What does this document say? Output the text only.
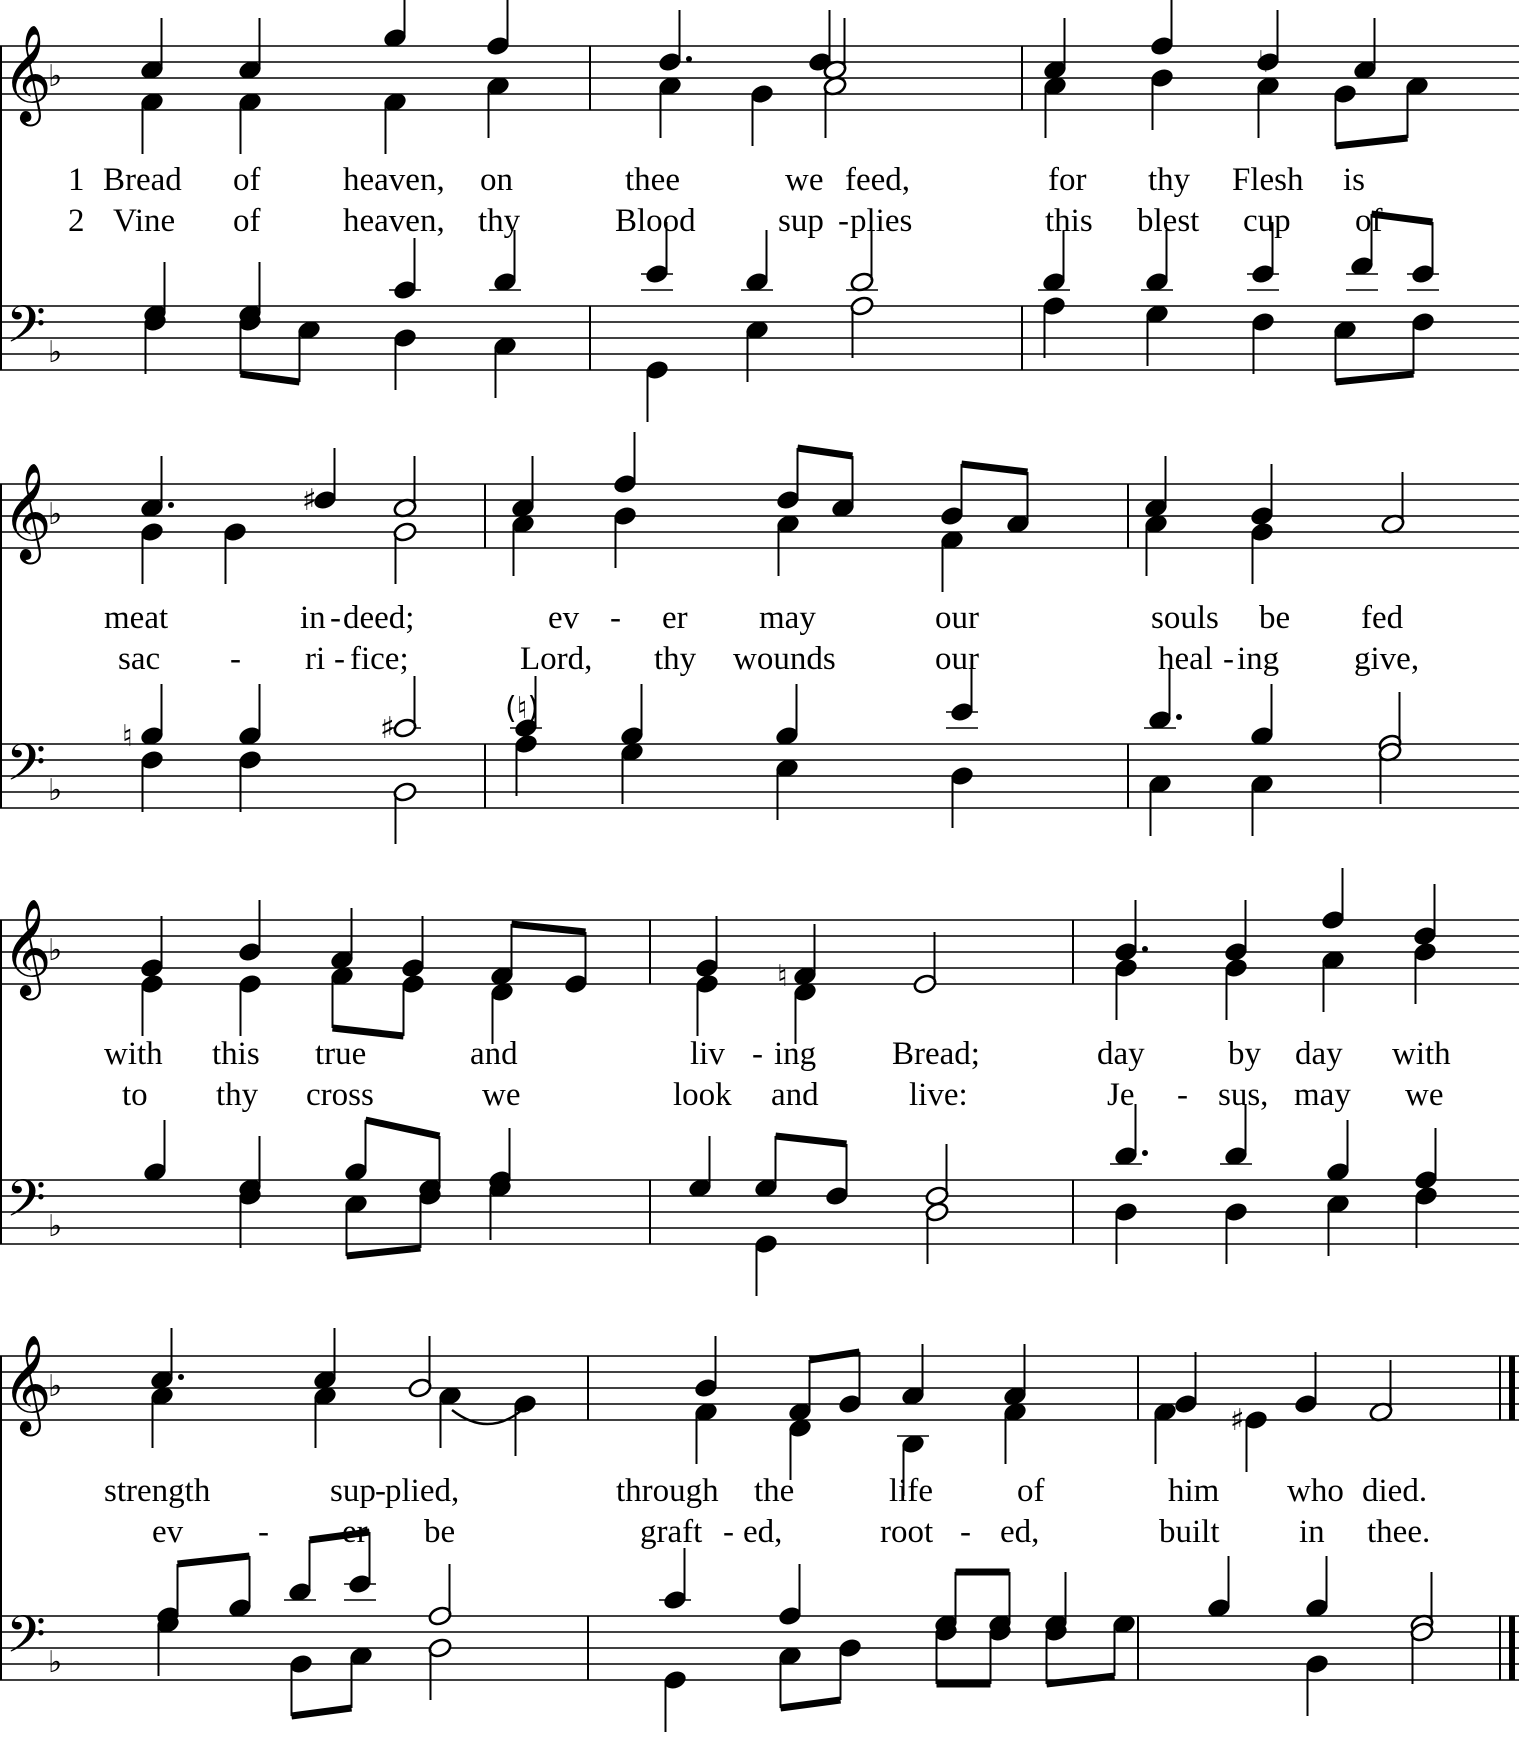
𝄞
𝄢
♭
♭
𝄞
𝄢
♭
♭
𝄞
𝄢
♭
♭
𝄞
𝄢
♭
♭
♮
♯
♮	♯
♮
♯
1 Bread of	heaven, on	thee	we feed,	for thy Flesh is
2 Vine of	heaven, thy	Blood sup - plies	this blest cup of
meat	in - deed;	ev - er may	our	souls be fed
sac - ri - fice;	Lord, thy wounds	our	heal - ing give,
with this true	and	liv - ing Bread;	day	by day with
to thy cross	we	look and	live:	Je - sus, may we
strength	sup - plied,	through the	life	of	him who died.
ev - er be	graft - ed,	root - ed,	built in thee.
(♮)
